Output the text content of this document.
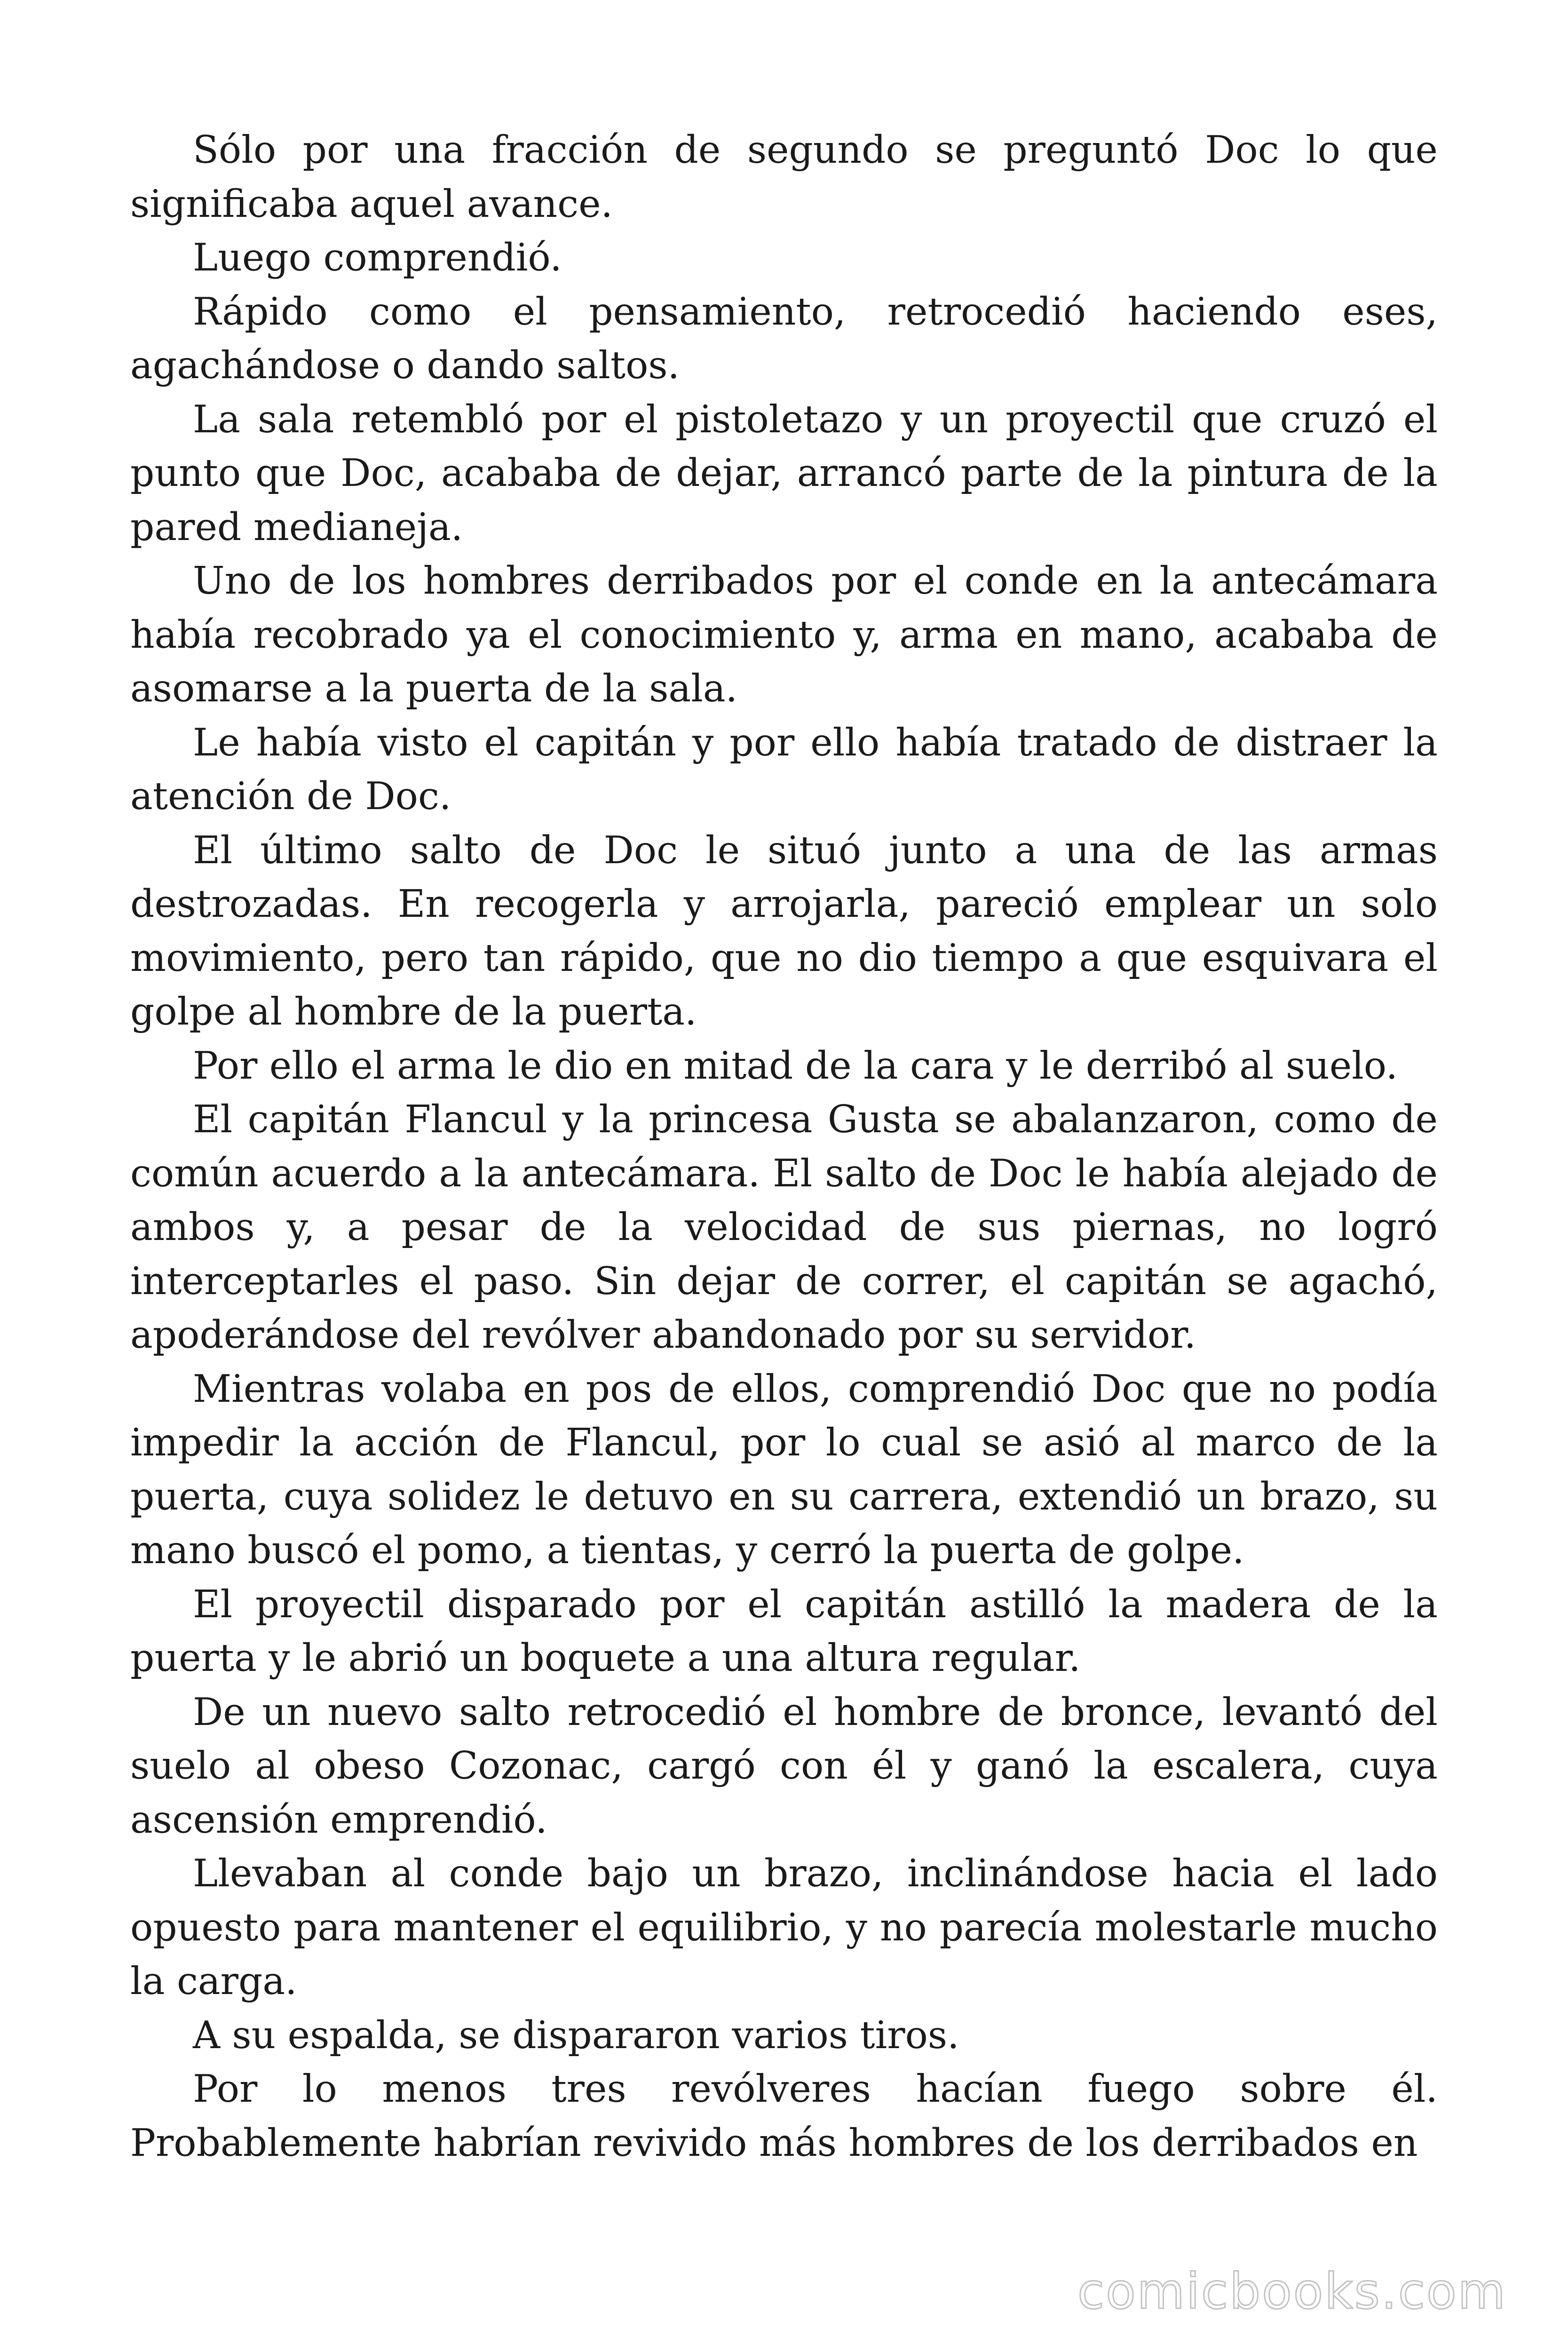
Sólo por una fracción de segundo se preguntó Doc lo que significaba aquel avance.

Luego comprendió.

Rápido como el pensamiento, retrocedió haciendo eses, agachándose o dando saltos.

La sala retembló por el pistoletazo y un proyectil que cruzó el punto que Doc, acababa de dejar, arrancó parte de la pintura de la pared medianeja.

Uno de los hombres derribados por el conde en la antecámara había recobrado ya el conocimiento y, arma en mano, acababa de asomarse a la puerta de la sala.

Le había visto el capitán y por ello había tratado de distraer la atención de Doc.

El último salto de Doc le situó junto a una de las armas destrozadas. En recogerla y arrojarla, pareció emplear un solo movimiento, pero tan rápido, que no dio tiempo a que esquivara el golpe al hombre de la puerta.

Por ello el arma le dio en mitad de la cara y le derribó al suelo.

El capitán Flancul y la princesa Gusta se abalanzaron, como de común acuerdo a la antecámara. El salto de Doc le había alejado de ambos y, a pesar de la velocidad de sus piernas, no logró interceptarles el paso. Sin dejar de correr, el capitán se agachó, apoderándose del revólver abandonado por su servidor.

Mientras volaba en pos de ellos, comprendió Doc que no podía impedir la acción de Flancul, por lo cual se asió al marco de la puerta, cuya solidez le detuvo en su carrera, extendió un brazo, su mano buscó el pomo, a tientas, y cerró la puerta de golpe.

El proyectil disparado por el capitán astilló la madera de la puerta y le abrió un boquete a una altura regular.

De un nuevo salto retrocedió el hombre de bronce, levantó del suelo al obeso Cozonac, cargó con él y ganó la escalera, cuya ascensión emprendió.

Llevaban al conde bajo un brazo, inclinándose hacia el lado opuesto para mantener el equilibrio, y no parecía molestarle mucho la carga.

A su espalda, se dispararon varios tiros.

Por lo menos tres revólveres hacían fuego sobre él. Probablemente habrían revivido más hombres de los derribados en

comicbooks.com
